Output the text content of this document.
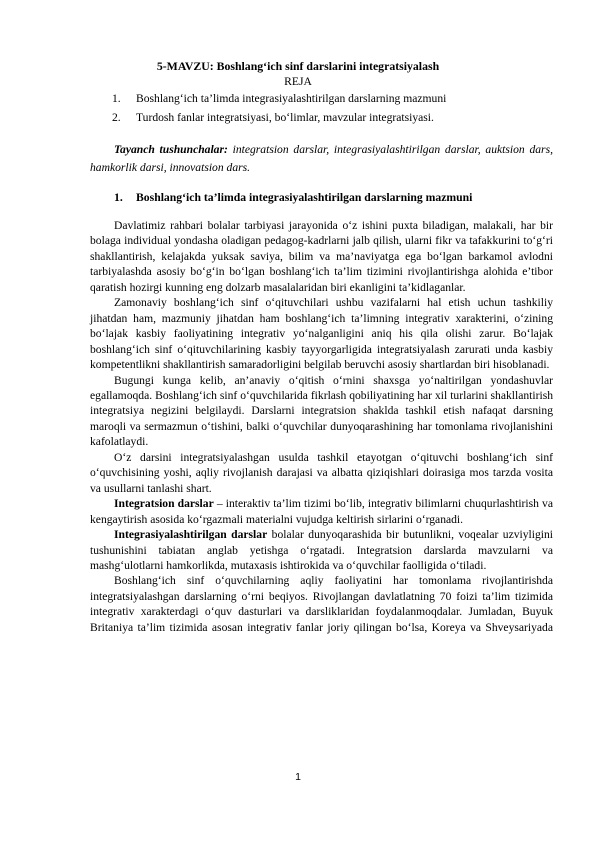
5-MAVZU: Boshlang‘ich sinf darslarini integratsiyalash
REJA
1.	Boshlang‘ich ta’limda integrasiyalashtirilgan darslarning mazmuni
2.	Turdosh fanlar integratsiyasi, bo‘limlar, mavzular integratsiyasi.

Tayanch tushunchalar: integratsion darslar, integrasiyalashtirilgan darslar, auktsion dars, hamkorlik darsi, innovatsion dars.

1.	Boshlang‘ich ta’limda integrasiyalashtirilgan darslarning mazmuni

Davlatimiz rahbari bolalar tarbiyasi jarayonida o‘z ishini puxta biladigan, malakali, har bir bolaga individual yondasha oladigan pedagog-kadrlarni jalb qilish, ularni fikr va tafakkurini to‘g‘ri shakllantirish, kelajakda yuksak saviya, bilim va ma’naviyatga ega bo‘lgan barkamol avlodni tarbiyalashda asosiy bo‘g‘in bo‘lgan boshlang‘ich ta’lim tizimini rivojlantirishga alohida e’tibor qaratish hozirgi kunning eng dolzarb masalalaridan biri ekanligini ta’kidlaganlar.

Zamonaviy boshlang‘ich sinf o‘qituvchilari ushbu vazifalarni hal etish uchun tashkiliy jihatdan ham, mazmuniy jihatdan ham boshlang‘ich ta’limning integrativ xarakterini, o‘zining bo‘lajak kasbiy faoliyatining integrativ yo‘nalganligini aniq his qila olishi zarur. Bo‘lajak boshlang‘ich sinf o‘qituvchilarining kasbiy tayyorgarligida integratsiyalash zarurati unda kasbiy kompetentlikni shakllantirish samaradorligini belgilab beruvchi asosiy shartlardan biri hisoblanadi.

Bugungi kunga kelib, an’anaviy o‘qitish o‘rnini shaxsga yo‘naltirilgan yondashuvlar egallamoqda. Boshlang‘ich sinf o‘quvchilarida fikrlash qobiliyatining har xil turlarini shakllantirish integratsiya negizini belgilaydi. Darslarni integratsion shaklda tashkil etish nafaqat darsning maroqli va sermazmun o‘tishini, balki o‘quvchilar dunyoqarashining har tomonlama rivojlanishini kafolatlaydi.

O‘z darsini integratsiyalashgan usulda tashkil etayotgan o‘qituvchi boshlang‘ich sinf o‘quvchisining yoshi, aqliy rivojlanish darajasi va albatta qiziqishlari doirasiga mos tarzda vosita va usullarni tanlashi shart.

Integratsion darslar – interaktiv ta’lim tizimi bo‘lib, integrativ bilimlarni chuqurlashtirish va kengaytirish asosida ko‘rgazmali materialni vujudga keltirish sirlarini o‘rganadi.

Integrasiyalashtirilgan darslar bolalar dunyoqarashida bir butunlikni, voqealar uzviyligini tushunishini tabiatan anglab yetishga o‘rgatadi. Integratsion darslarda mavzularni va mashg‘ulotlarni hamkorlikda, mutaxasis ishtirokida va o‘quvchilar faolligida o‘tiladi.

Boshlang‘ich sinf o‘quvchilarning aqliy faoliyatini har tomonlama rivojlantirishda integratsiyalashgan darslarning o‘rni beqiyos. Rivojlangan davlatlatning 70 foizi ta’lim tizimida integrativ xarakterdagi o‘quv dasturlari va darsliklaridan foydalanmoqdalar. Jumladan, Buyuk Britaniya ta’lim tizimida asosan integrativ fanlar joriy qilingan bo‘lsa, Koreya va Shveysariyada

1
